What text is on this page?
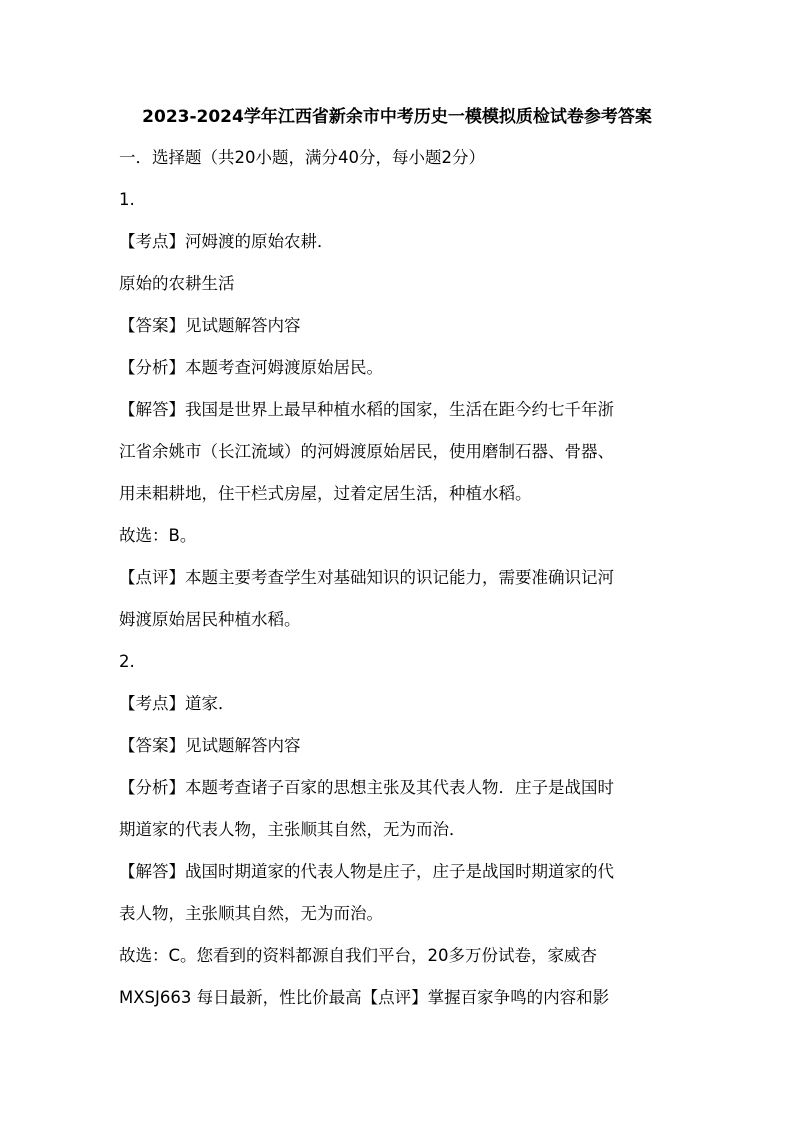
2023-2024学年江西省新余市中考历史一模模拟质检试卷参考答案
一．选择题（共20小题，满分40分，每小题2分）
1.
【考点】河姆渡的原始农耕．
原始的农耕生活
【答案】见试题解答内容
【分析】本题考查河姆渡原始居民。
【解答】我国是世界上最早种植水稻的国家，生活在距今约七千年浙
江省余姚市（长江流域）的河姆渡原始居民，使用磨制石器、骨器、
用耒耜耕地，住干栏式房屋，过着定居生活，种植水稻。
故选：B。
【点评】本题主要考查学生对基础知识的识记能力，需要准确识记河
姆渡原始居民种植水稻。
2.
【考点】道家．
【答案】见试题解答内容
【分析】本题考查诸子百家的思想主张及其代表人物．庄子是战国时
期道家的代表人物，主张顺其自然，无为而治．
【解答】战国时期道家的代表人物是庄子，庄子是战国时期道家的代
表人物，主张顺其自然，无为而治。
故选：C。您看到的资料都源自我们平台，20多万份试卷，家威杏
MXSJ663 每日最新，性比价最高【点评】掌握百家争鸣的内容和影
